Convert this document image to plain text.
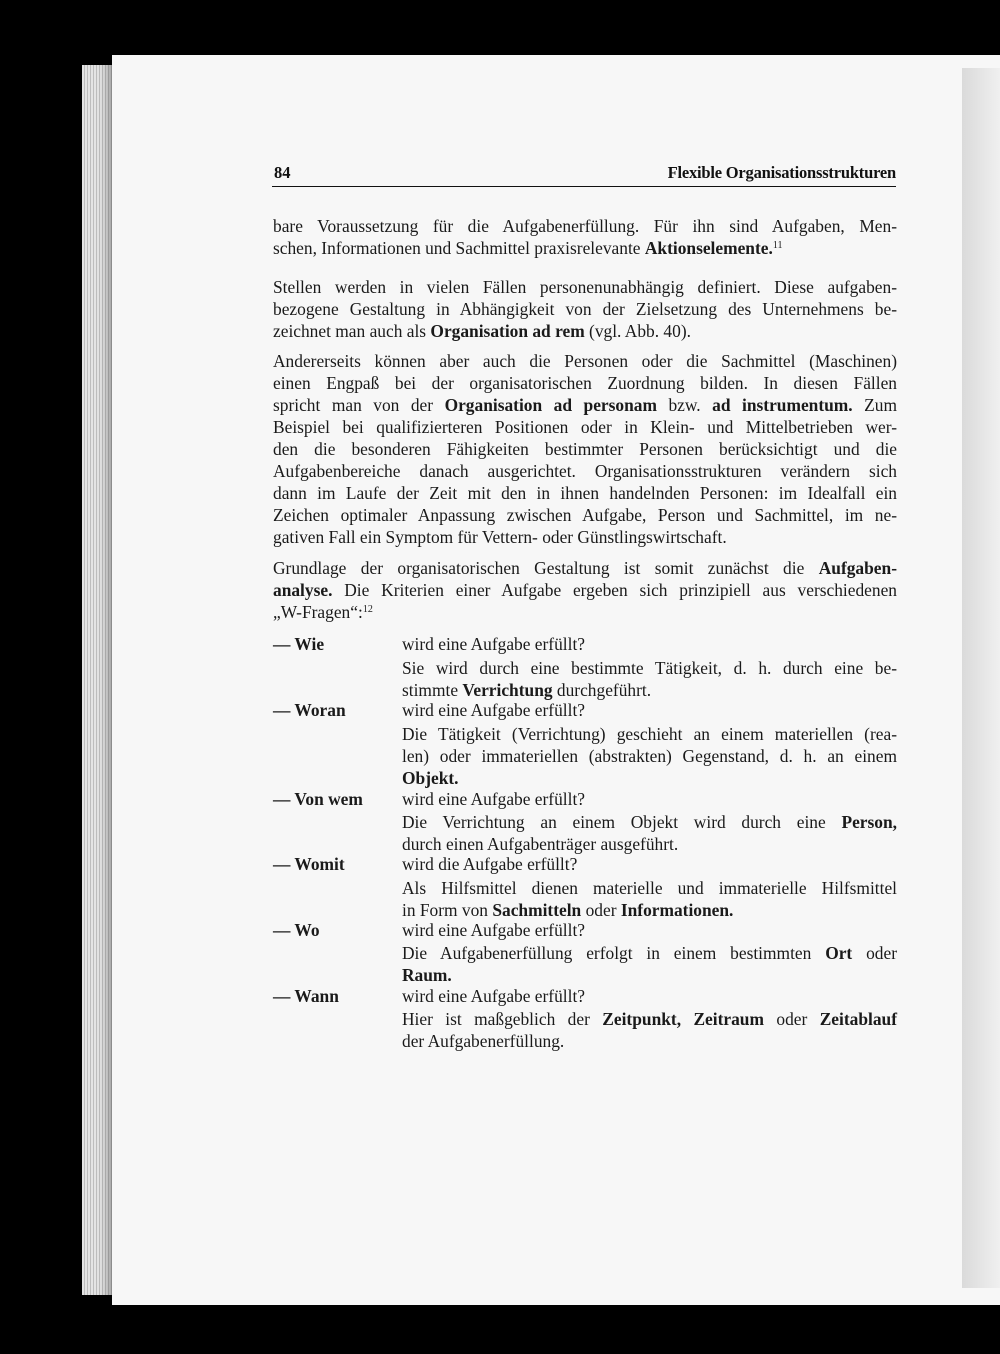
84	Flexible Organisationsstrukturen
bare Voraussetzung für die Aufgabenerfüllung. Für ihn sind Aufgaben, Men-
schen, Informationen und Sachmittel praxisrelevante Aktionselemente.$^{11}$
Stellen werden in vielen Fällen personenunabhängig definiert. Diese aufgaben-
bezogene Gestaltung in Abhängigkeit von der Zielsetzung des Unternehmens be-
zeichnet man auch als Organisation ad rem (vgl. Abb. 40).
Andererseits können aber auch die Personen oder die Sachmittel (Maschinen)
einen Engpaß bei der organisatorischen Zuordnung bilden. In diesen Fällen
spricht man von der Organisation ad personam bzw. ad instrumentum. Zum
Beispiel bei qualifizierteren Positionen oder in Klein- und Mittelbetrieben wer-
den die besonderen Fähigkeiten bestimmter Personen berücksichtigt und die
Aufgabenbereiche danach ausgerichtet. Organisationsstrukturen verändern sich
dann im Laufe der Zeit mit den in ihnen handelnden Personen: im Idealfall ein
Zeichen optimaler Anpassung zwischen Aufgabe, Person und Sachmittel, im ne-
gativen Fall ein Symptom für Vettern- oder Günstlingswirtschaft.
Grundlage der organisatorischen Gestaltung ist somit zunächst die Aufgaben-
analyse. Die Kriterien einer Aufgabe ergeben sich prinzipiell aus verschiedenen
„W-Fragen“:$^{12}$
— Wie	wird eine Aufgabe erfüllt?
Sie wird durch eine bestimmte Tätigkeit, d. h. durch eine be-
stimmte Verrichtung durchgeführt.
— Woran	wird eine Aufgabe erfüllt?
Die Tätigkeit (Verrichtung) geschieht an einem materiellen (rea-
len) oder immateriellen (abstrakten) Gegenstand, d. h. an einem
Objekt.
— Von wem wird eine Aufgabe erfüllt?
Die Verrichtung an einem Objekt wird durch eine Person,
durch einen Aufgabenträger ausgeführt.
— Womit	wird die Aufgabe erfüllt?
Als Hilfsmittel dienen materielle und immaterielle Hilfsmittel
in Form von Sachmitteln oder Informationen.
— Wo	wird eine Aufgabe erfüllt?
Die Aufgabenerfüllung erfolgt in einem bestimmten Ort oder
Raum.
— Wann	wird eine Aufgabe erfüllt?
Hier ist maßgeblich der Zeitpunkt, Zeitraum oder Zeitablauf
der Aufgabenerfüllung.
